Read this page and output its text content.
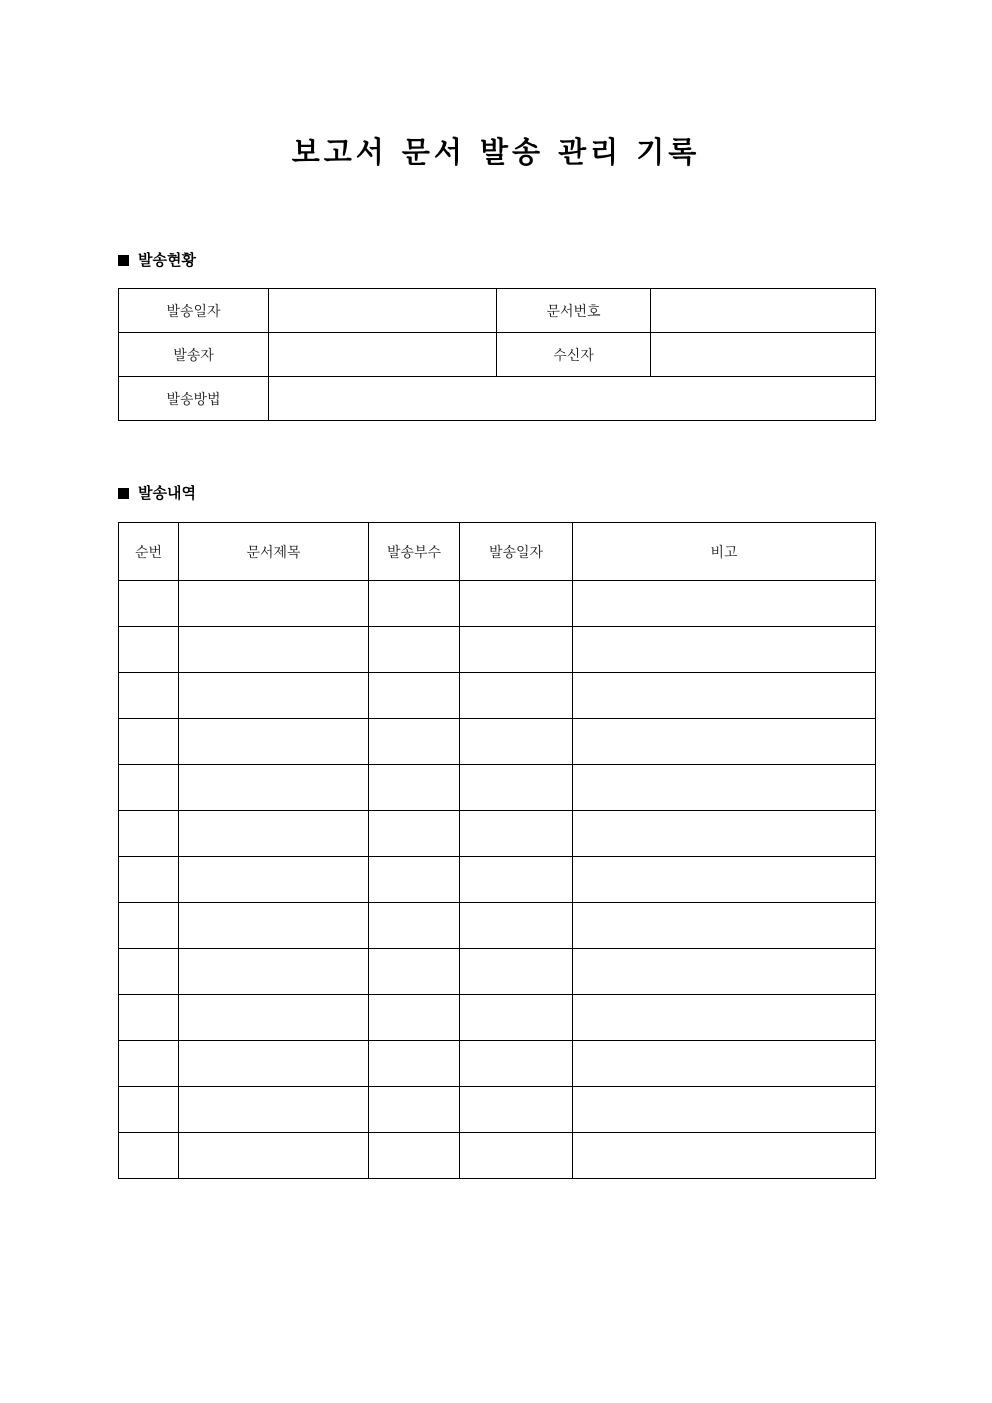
보고서 문서 발송 관리 기록
발송현황
발송일자		문서번호	
발송자		수신자	
발송방법			
발송내역
순번	문서제목	발송부수	발송일자	비고
